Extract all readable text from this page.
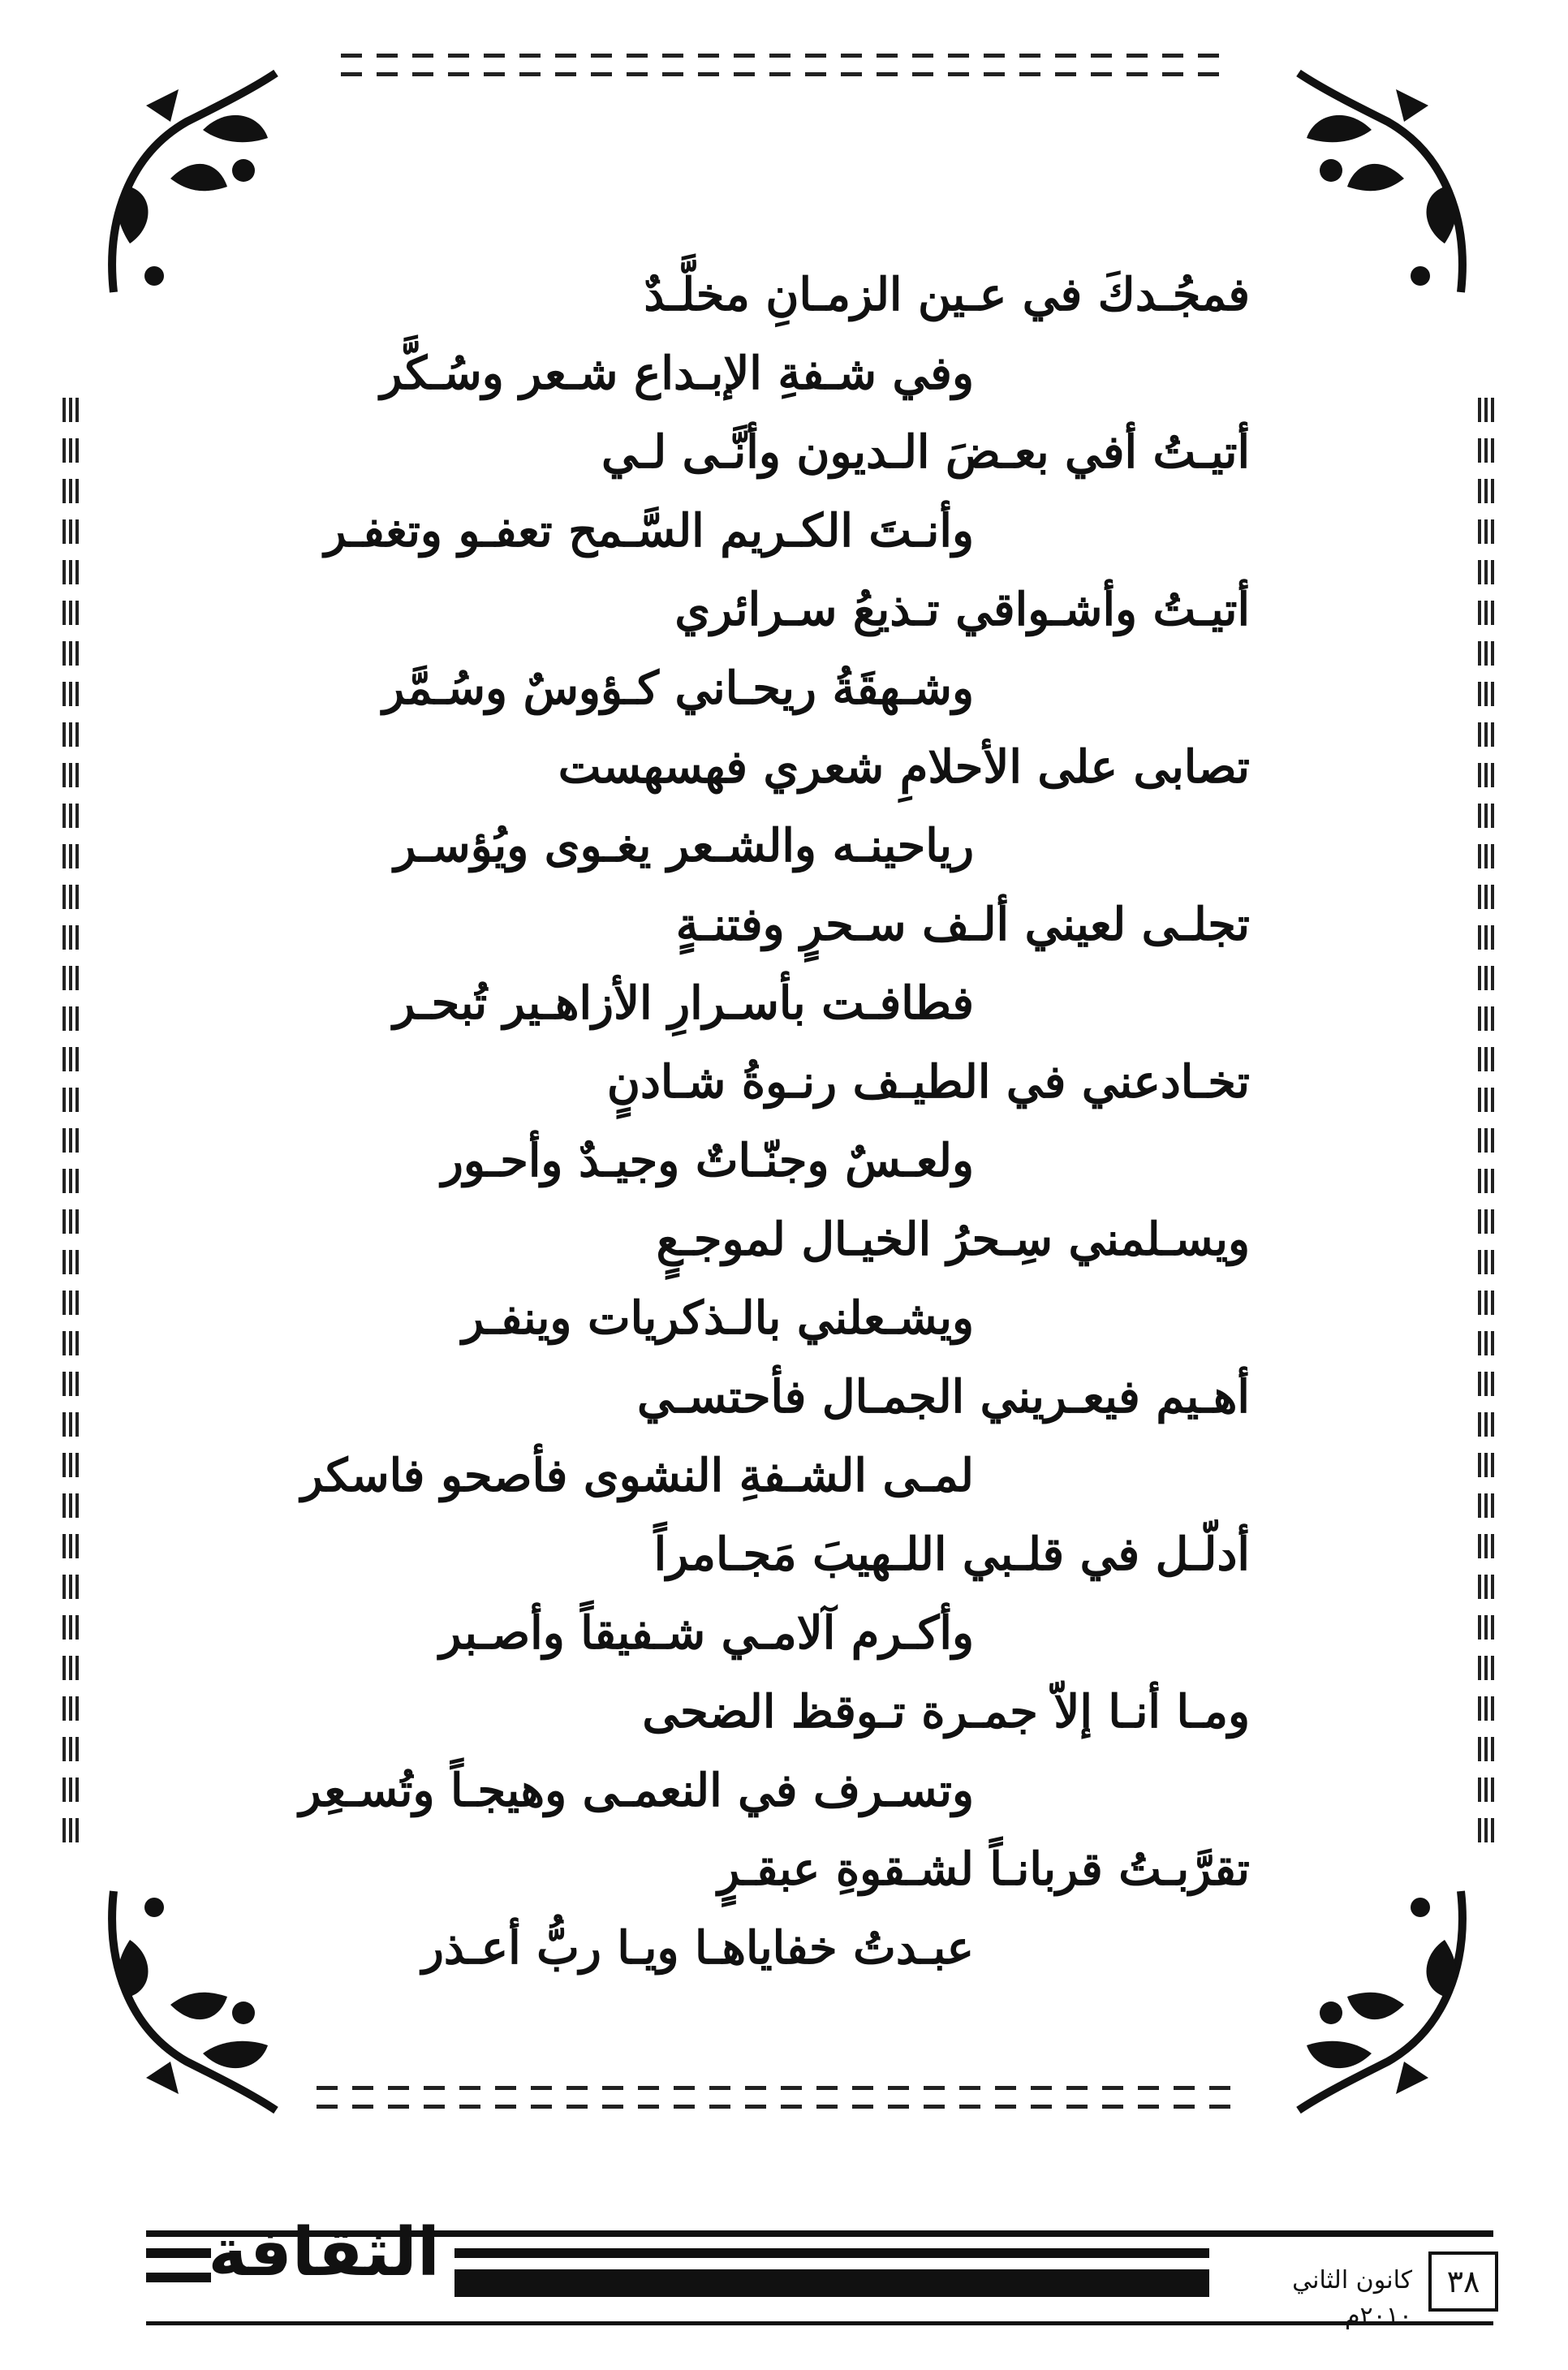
فمجُـدكَ في عـين الزمـانِ مخلَّـدٌ
وفي شـفةِ الإبـداع شـعر وسُـكَّر
أتيـتُ أفي بعـضَ الـديون وأنَّـى لـي
وأنـتَ الكـريم السَّـمح تعفـو وتغفـر
أتيـتُ وأشـواقي تـذيعُ سـرائري
وشـهقَةُ ريحـاني كـؤوسٌ وسُـمَّر
تصابى على الأحلامِ شعري فهسهست
رياحينـه والشـعر يغـوى ويُؤسـر
تجلـى لعيني ألـف سـحرٍ وفتنـةٍ
فطافـت بأسـرارِ الأزاهـير تُبحـر
تخـادعني في الطيـف رنـوةُ شـادنٍ
ولعـسٌ وجنّـاتٌ وجيـدٌ وأحـور
ويسـلمني سِـحرُ الخيـال لموجـعٍ
ويشـعلني بالـذكريات وينفـر
أهـيم فيعـريني الجمـال فأحتسـي
لمـى الشـفةِ النشوى فأصحو فاسكر
أدلّـل في قلـبي اللـهيبَ مَجـامراً
وأكـرم آلامـي شـفيقاً وأصـبر
ومـا أنـا إلاّ جمـرة تـوقظ الضحى
وتسـرف في النعمـى وهيجـاً وتُسـعِر
تقرَّبـتُ قربانـاً لشـقوةِ عبقـرٍ
عبـدتُ خفاياهـا ويـا ربُّ أعـذر
الثقافة	كانون الثاني ٢٠١٠م
٣٨
